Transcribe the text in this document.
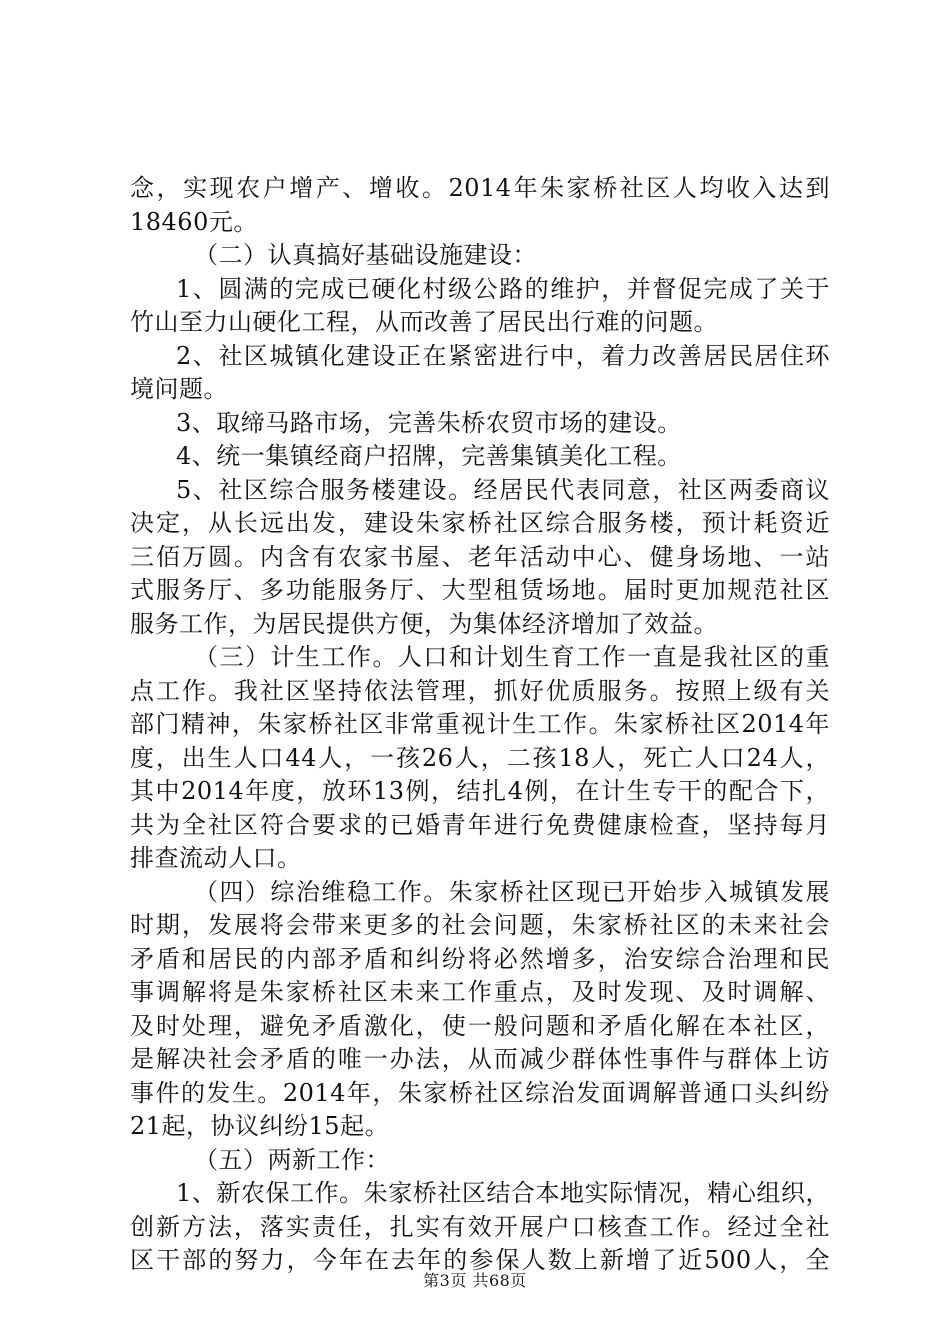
念，实现农户增产、增收。2014年朱家桥社区人均收入达到
18460元。
（二）认真搞好基础设施建设：
1、圆满的完成已硬化村级公路的维护，并督促完成了关于
竹山至力山硬化工程，从而改善了居民出行难的问题。
2、社区城镇化建设正在紧密进行中，着力改善居民居住环
境问题。
3、取缔马路市场，完善朱桥农贸市场的建设。
4、统一集镇经商户招牌，完善集镇美化工程。
5、社区综合服务楼建设。经居民代表同意，社区两委商议
决定，从长远出发，建设朱家桥社区综合服务楼，预计耗资近
三佰万圆。内含有农家书屋、老年活动中心、健身场地、一站
式服务厅、多功能服务厅、大型租赁场地。届时更加规范社区
服务工作，为居民提供方便，为集体经济增加了效益。
（三）计生工作。人口和计划生育工作一直是我社区的重
点工作。我社区坚持依法管理，抓好优质服务。按照上级有关
部门精神，朱家桥社区非常重视计生工作。朱家桥社区2014年
度，出生人口44人，一孩26人，二孩18人，死亡人口24人，
其中2014年度，放环13例，结扎4例，在计生专干的配合下，
共为全社区符合要求的已婚青年进行免费健康检查，坚持每月
排查流动人口。
（四）综治维稳工作。朱家桥社区现已开始步入城镇发展
时期，发展将会带来更多的社会问题，朱家桥社区的未来社会
矛盾和居民的内部矛盾和纠纷将必然增多，治安综合治理和民
事调解将是朱家桥社区未来工作重点，及时发现、及时调解、
及时处理，避免矛盾激化，使一般问题和矛盾化解在本社区，
是解决社会矛盾的唯一办法，从而减少群体性事件与群体上访
事件的发生。2014年，朱家桥社区综治发面调解普通口头纠纷
21起，协议纠纷15起。
（五）两新工作：
1、新农保工作。朱家桥社区结合本地实际情况，精心组织，
创新方法，落实责任，扎实有效开展户口核查工作。经过全社
区干部的努力，今年在去年的参保人数上新增了近500人，全
第3页 共68页
